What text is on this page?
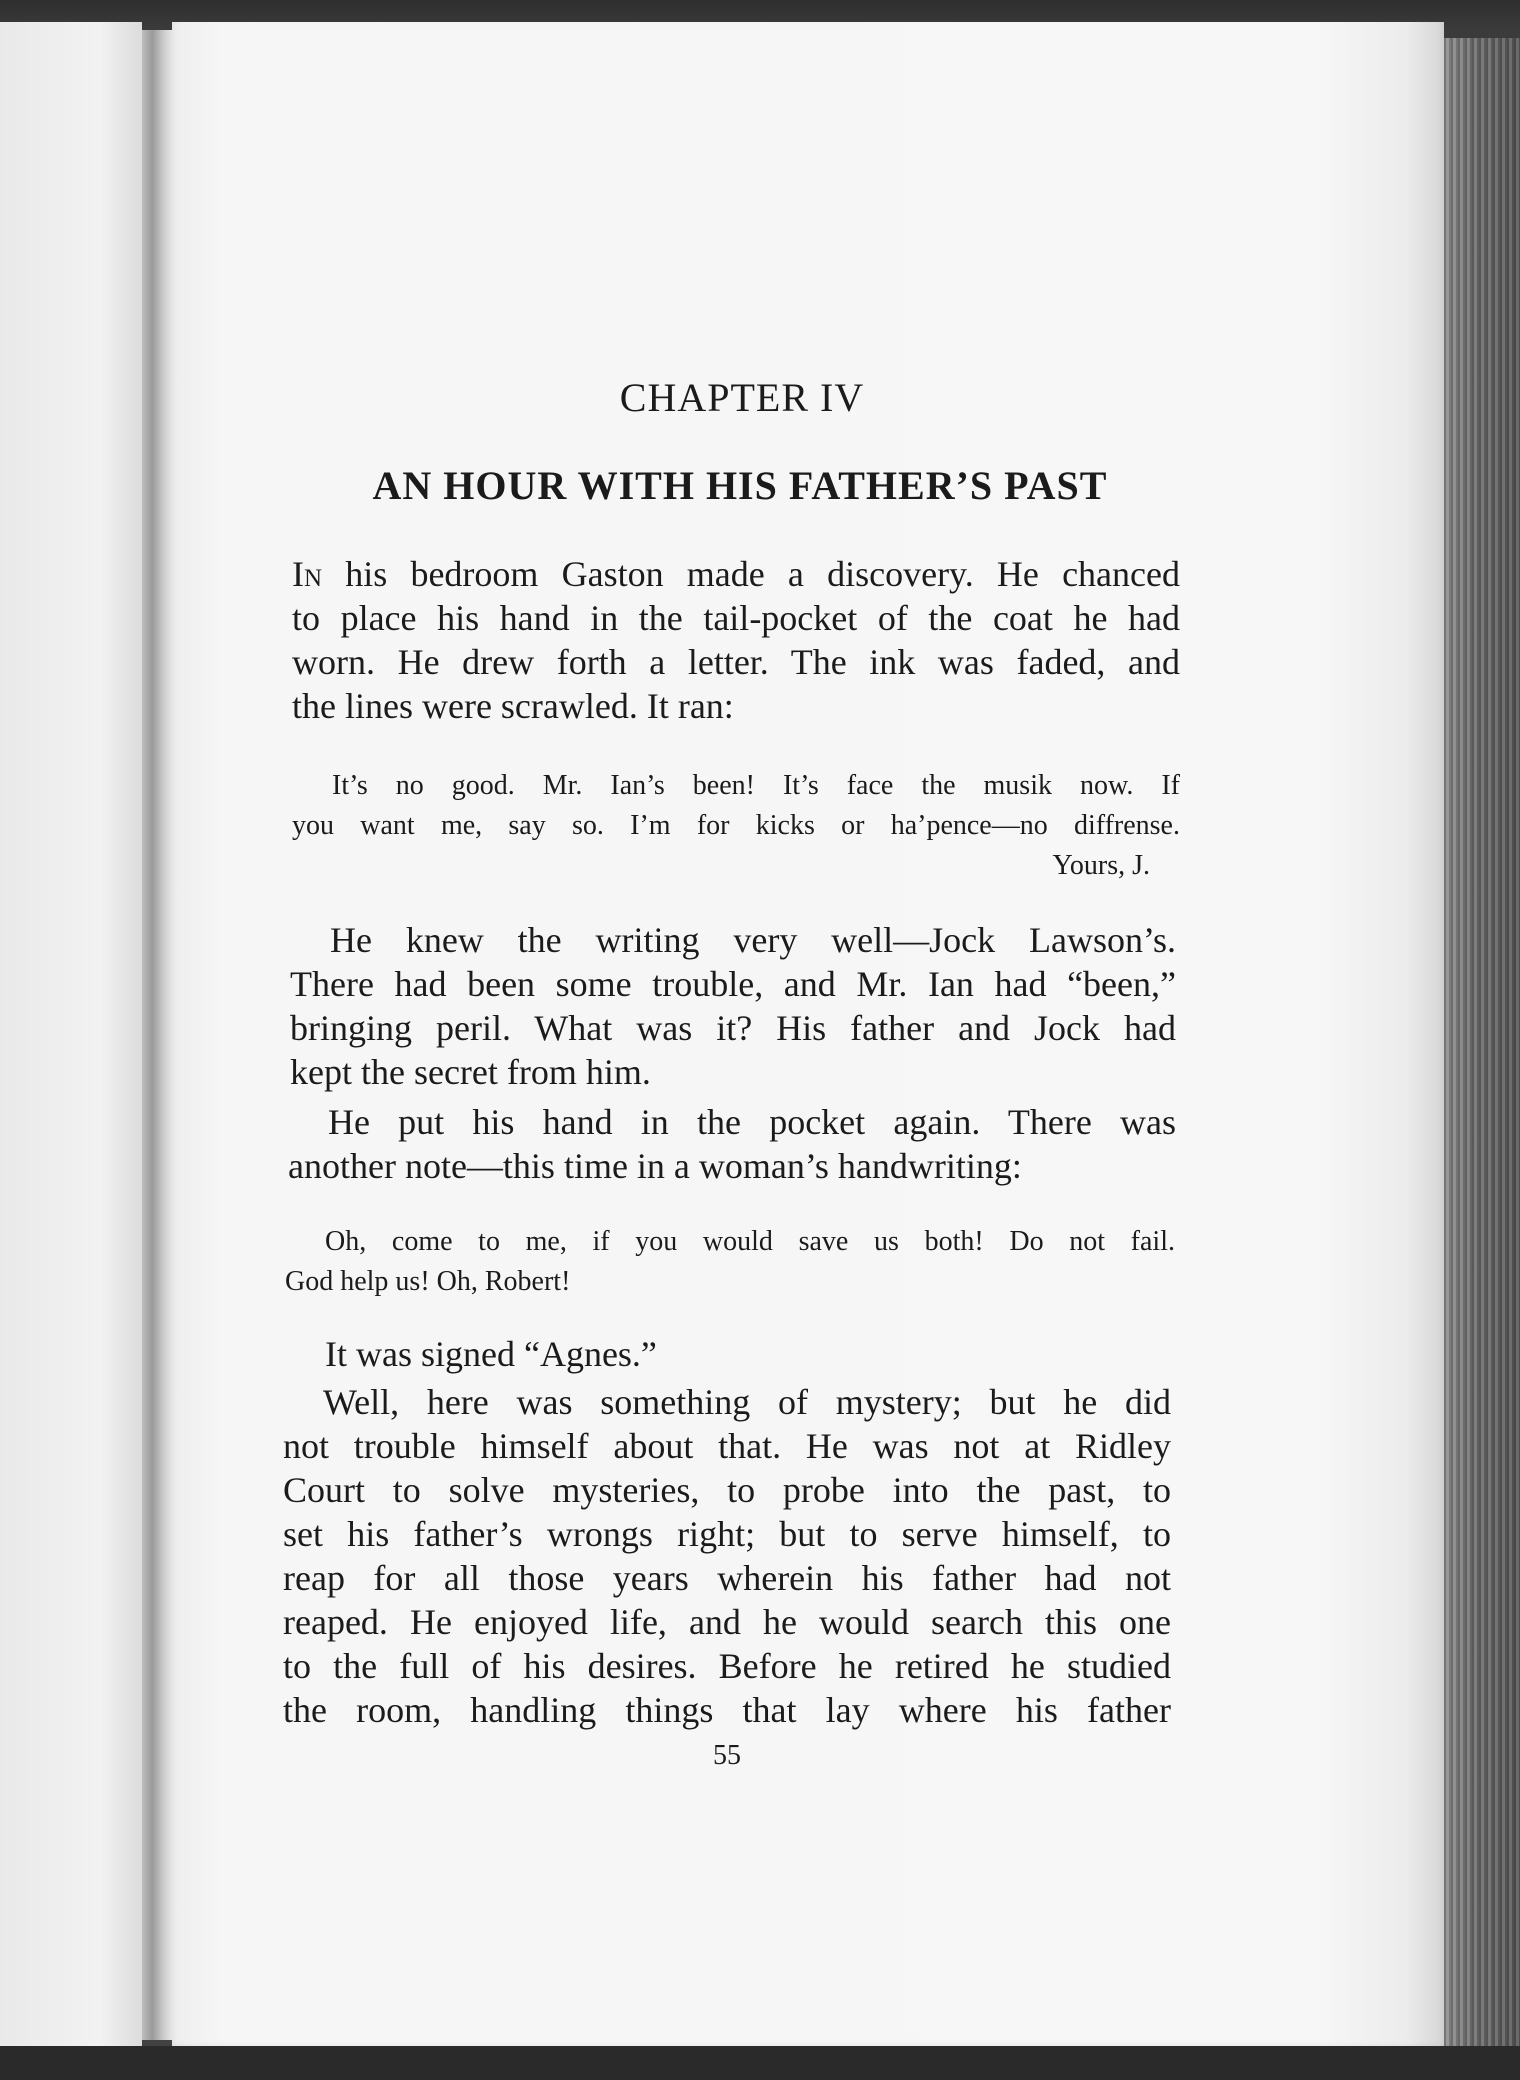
CHAPTER IV
AN HOUR WITH HIS FATHER’S PAST
In his bedroom Gaston made a discovery. He chanced
to place his hand in the tail-pocket of the coat he had
worn. He drew forth a letter. The ink was faded, and
the lines were scrawled. It ran:
It’s no good. Mr. Ian’s been! It’s face the musik now. If
you want me, say so. I’m for kicks or ha’pence—no diffrense.
Yours, J.
He knew the writing very well—Jock Lawson’s.
There had been some trouble, and Mr. Ian had “been,”
bringing peril. What was it? His father and Jock had
kept the secret from him.
He put his hand in the pocket again. There was
another note—this time in a woman’s handwriting:
Oh, come to me, if you would save us both! Do not fail.
God help us! Oh, Robert!
It was signed “Agnes.”
Well, here was something of mystery; but he did
not trouble himself about that. He was not at Ridley
Court to solve mysteries, to probe into the past, to
set his father’s wrongs right; but to serve himself, to
reap for all those years wherein his father had not
reaped. He enjoyed life, and he would search this one
to the full of his desires. Before he retired he studied
the room, handling things that lay where his father
55
